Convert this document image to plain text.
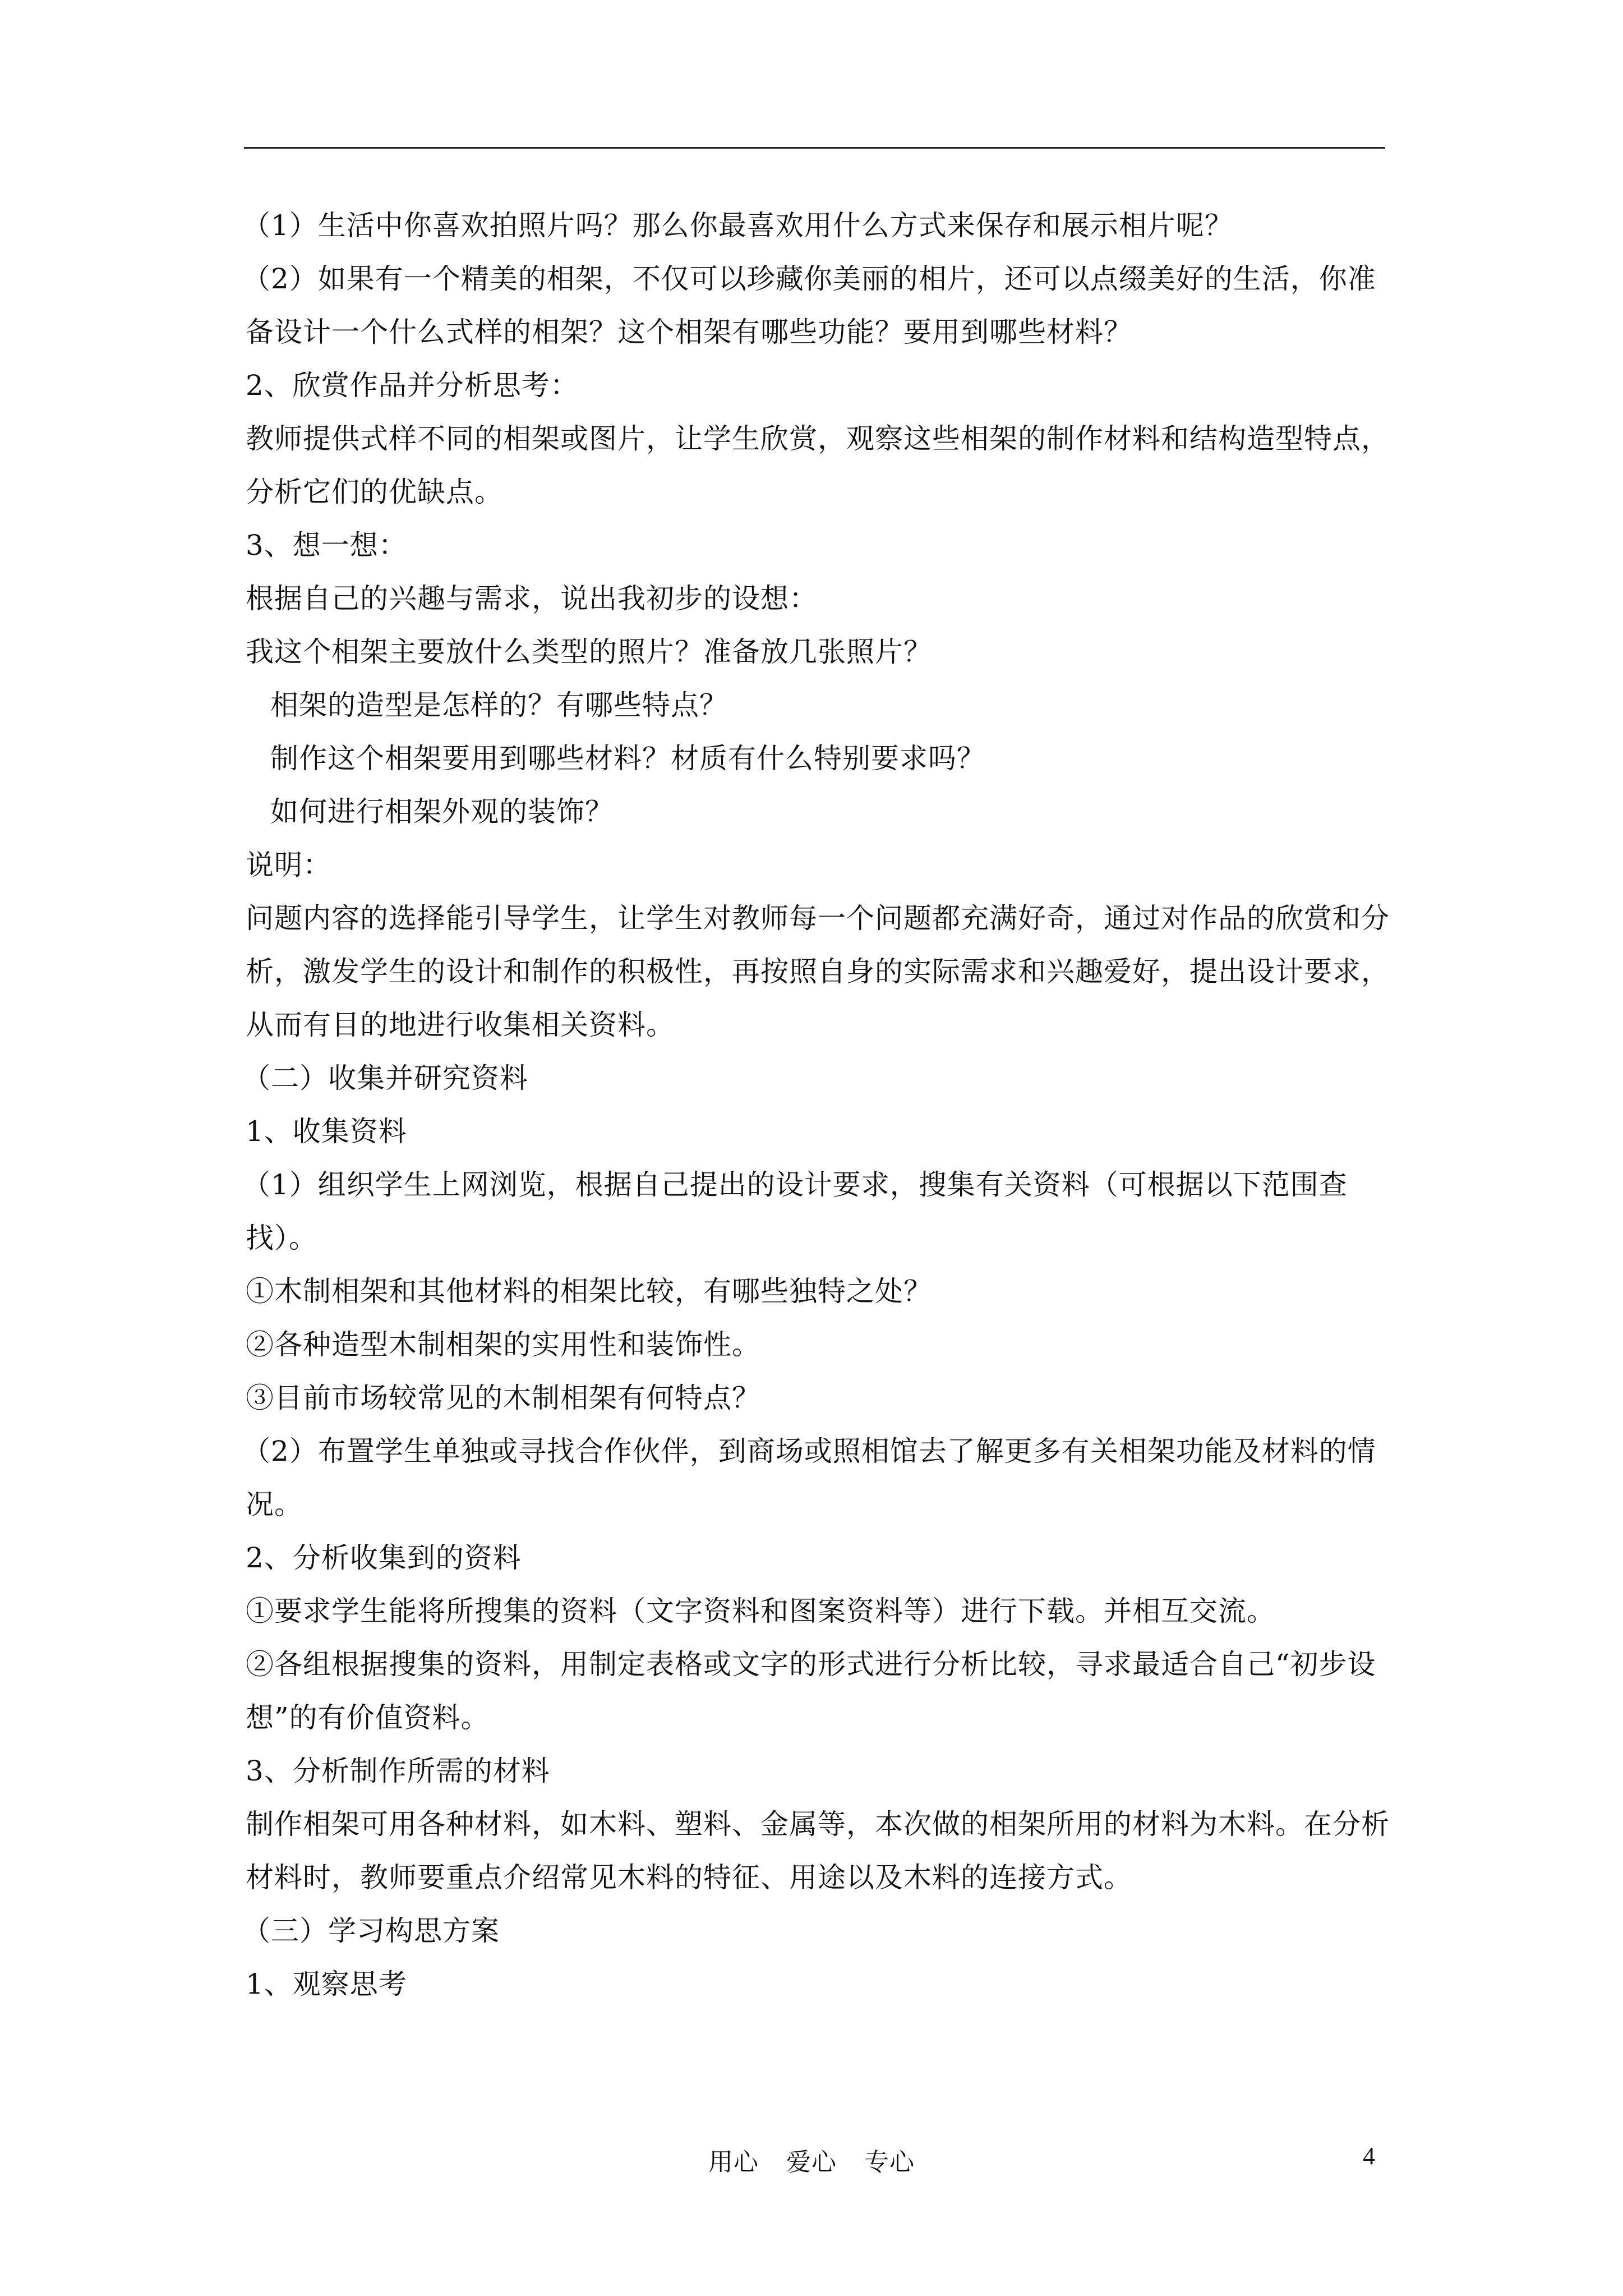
（1）生活中你喜欢拍照片吗？那么你最喜欢用什么方式来保存和展示相片呢？
（2）如果有一个精美的相架，不仅可以珍藏你美丽的相片，还可以点缀美好的生活，你准
备设计一个什么式样的相架？这个相架有哪些功能？要用到哪些材料？
2、欣赏作品并分析思考：
教师提供式样不同的相架或图片，让学生欣赏，观察这些相架的制作材料和结构造型特点，
分析它们的优缺点。
3、想一想：
根据自己的兴趣与需求，说出我初步的设想：
我这个相架主要放什么类型的照片？准备放几张照片？
相架的造型是怎样的？有哪些特点？
制作这个相架要用到哪些材料？材质有什么特别要求吗？
如何进行相架外观的装饰？
说明：
问题内容的选择能引导学生，让学生对教师每一个问题都充满好奇，通过对作品的欣赏和分
析，激发学生的设计和制作的积极性，再按照自身的实际需求和兴趣爱好，提出设计要求，
从而有目的地进行收集相关资料。
（二）收集并研究资料
1、收集资料
（1）组织学生上网浏览，根据自己提出的设计要求，搜集有关资料（可根据以下范围查
找）。
①木制相架和其他材料的相架比较，有哪些独特之处？
②各种造型木制相架的实用性和装饰性。
③目前市场较常见的木制相架有何特点？
（2）布置学生单独或寻找合作伙伴，到商场或照相馆去了解更多有关相架功能及材料的情
况。
2、分析收集到的资料
①要求学生能将所搜集的资料（文字资料和图案资料等）进行下载。并相互交流。
②各组根据搜集的资料，用制定表格或文字的形式进行分析比较，寻求最适合自己“初步设
想”的有价值资料。
3、分析制作所需的材料
制作相架可用各种材料，如木料、塑料、金属等，本次做的相架所用的材料为木料。在分析
材料时，教师要重点介绍常见木料的特征、用途以及木料的连接方式。
（三）学习构思方案
1、观察思考
用心 爱心 专心	4
